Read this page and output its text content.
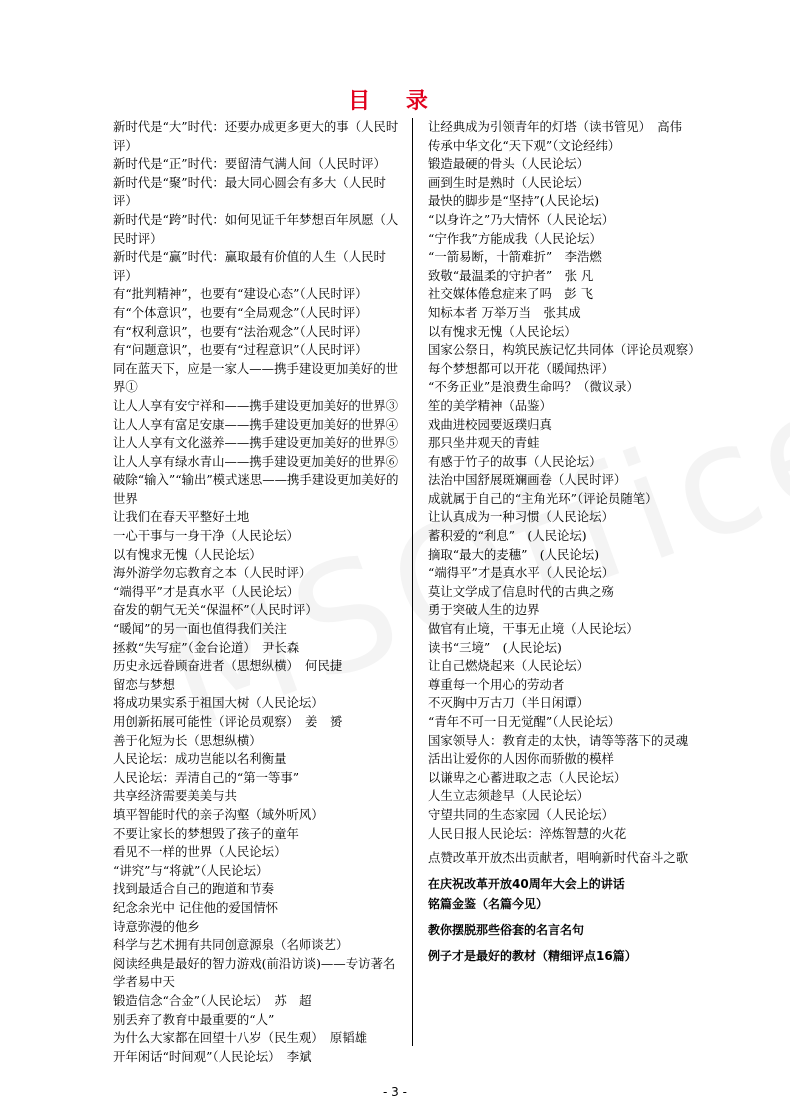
目 录
新时代是“大”时代：还要办成更多更大的事（人民时评）
新时代是“正”时代：要留清气满人间（人民时评）
新时代是“聚”时代：最大同心圆会有多大（人民时评）
新时代是“跨”时代：如何见证千年梦想百年夙愿（人民时评）
新时代是“赢”时代：赢取最有价值的人生（人民时评）
有“批判精神”，也要有“建设心态”（人民时评）
有“个体意识”，也要有“全局观念”（人民时评）
有“权利意识”，也要有“法治观念”（人民时评）
有“问题意识”，也要有“过程意识”（人民时评）
同在蓝天下，应是一家人——携手建设更加美好的世界①
让人人享有安宁祥和——携手建设更加美好的世界③
让人人享有富足安康——携手建设更加美好的世界④
让人人享有文化滋养——携手建设更加美好的世界⑤
让人人享有绿水青山——携手建设更加美好的世界⑥
破除“输入”“输出”模式迷思——携手建设更加美好的世界
让我们在春天平整好土地
一心干事与一身干净（人民论坛）
以有愧求无愧（人民论坛）
海外游学勿忘教育之本（人民时评）
“端得平”才是真水平（人民论坛）
奋发的朝气无关“保温杯”（人民时评）
“暖闻”的另一面也值得我们关注
拯救“失写症”（金台论道）　尹长森
历史永远眷顾奋进者（思想纵横）　何民捷
留恋与梦想
将成功果实系于祖国大树（人民论坛）
用创新拓展可能性（评论员观察）　姜　赟
善于化短为长（思想纵横）
人民论坛：成功岂能以名利衡量
人民论坛：弄清自己的“第一等事”
共享经济需要美美与共
填平智能时代的亲子沟壑（域外听风）
不要让家长的梦想毁了孩子的童年
看见不一样的世界（人民论坛）
“讲究”与“将就”（人民论坛）
找到最适合自己的跑道和节奏
纪念余光中 记住他的爱国情怀
诗意弥漫的他乡
科学与艺术拥有共同创意源泉（名师谈艺）
阅读经典是最好的智力游戏(前沿访谈)——专访著名学者易中天
锻造信念“合金”（人民论坛）　苏　超
别丢弃了教育中最重要的“人”
为什么大家都在回望十八岁（民生观）　原韬雄
开年闲话“时间观”（人民论坛）　李斌
让经典成为引领青年的灯塔（读书管见）　高伟
传承中华文化“天下观”（文论经纬）
锻造最硬的骨头（人民论坛）
画到生时是熟时（人民论坛）
最快的脚步是“坚持”(人民论坛)
“以身许之”乃大情怀（人民论坛）
“宁作我”方能成我（人民论坛）
“一箭易断，十箭难折”　李浩燃
致敬“最温柔的守护者”　张 凡
社交媒体倦怠症来了吗　彭 飞
知标本者 万举万当　张其成
以有愧求无愧（人民论坛）
国家公祭日，构筑民族记忆共同体（评论员观察）
每个梦想都可以开花（暖闻热评）
“不务正业”是浪费生命吗？（微议录）
笙的美学精神（品鉴）
戏曲进校园要返璞归真
那只坐井观天的青蛙
有感于竹子的故事（人民论坛）
法治中国舒展斑斓画卷（人民时评）
成就属于自己的“主角光环”（评论员随笔）
让认真成为一种习惯（人民论坛）
蓄积爱的“利息”　(人民论坛)
摘取“最大的麦穗”　(人民论坛)
“端得平”才是真水平（人民论坛）
莫让文学成了信息时代的古典之殇
勇于突破人生的边界
做官有止境，干事无止境（人民论坛）
读书“三境”　(人民论坛)
让自己燃烧起来（人民论坛）
尊重每一个用心的劳动者
不灭胸中万古刀（半日闲谭）
“青年不可一日无觉醒”（人民论坛）
国家领导人：教育走的太快，请等等落下的灵魂
活出让爱你的人因你而骄傲的模样
以谦卑之心蓄进取之志（人民论坛）
人生立志须趁早（人民论坛）
守望共同的生态家园（人民论坛）
人民日报人民论坛：淬炼智慧的火花
点赞改革开放杰出贡献者，唱响新时代奋斗之歌
在庆祝改革开放40周年大会上的讲话
铭篇金鉴（名篇今见）
教你摆脱那些俗套的名言名句
例子才是最好的教材（精细评点16篇）
- 3 -
